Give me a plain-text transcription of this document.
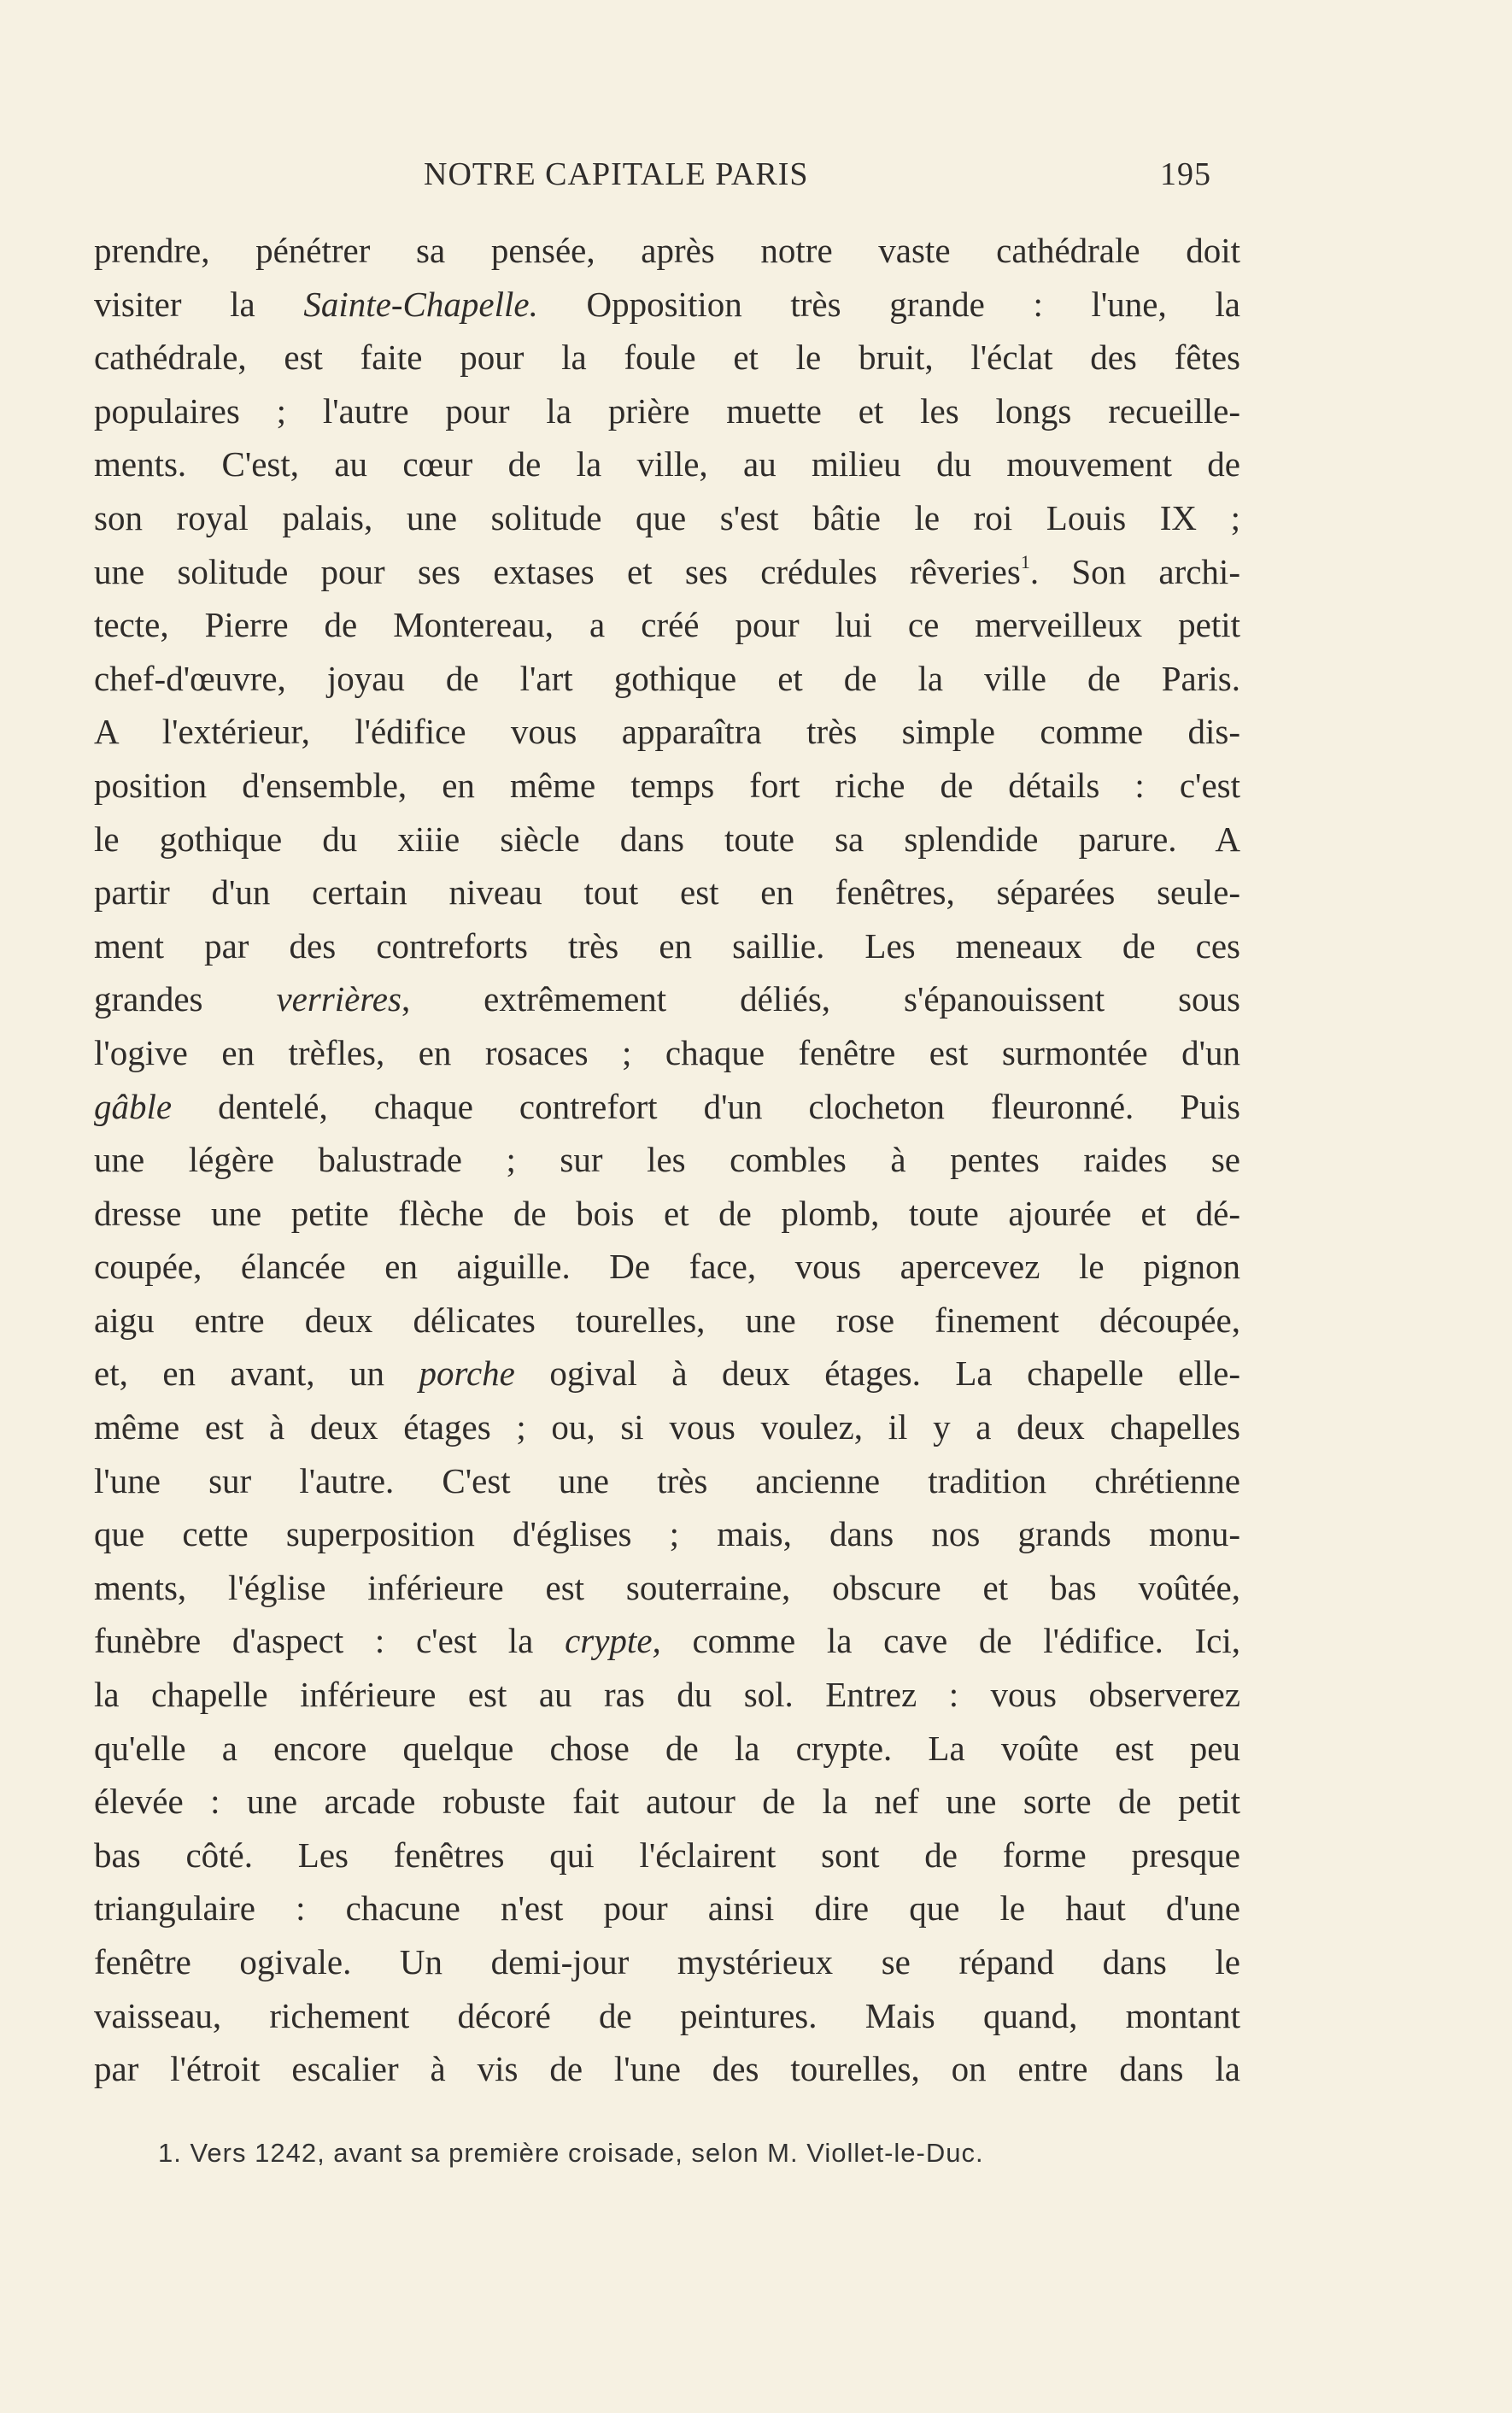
NOTRE CAPITALE PARIS	195
prendre, pénétrer sa pensée, après notre vaste cathédrale doit
visiter la Sainte-Chapelle. Opposition très grande : l'une, la
cathédrale, est faite pour la foule et le bruit, l'éclat des fêtes
populaires ; l'autre pour la prière muette et les longs recueille-
ments. C'est, au cœur de la ville, au milieu du mouvement de
son royal palais, une solitude que s'est bâtie le roi Louis IX ;
une solitude pour ses extases et ses crédules rêveries$^1$. Son archi-
tecte, Pierre de Montereau, a créé pour lui ce merveilleux petit
chef-d'œuvre, joyau de l'art gothique et de la ville de Paris.
A l'extérieur, l'édifice vous apparaîtra très simple comme dis-
position d'ensemble, en même temps fort riche de détails : c'est
le gothique du xiiie siècle dans toute sa splendide parure. A
partir d'un certain niveau tout est en fenêtres, séparées seule-
ment par des contreforts très en saillie. Les meneaux de ces
grandes verrières, extrêmement déliés, s'épanouissent sous
l'ogive en trèfles, en rosaces ; chaque fenêtre est surmontée d'un
gâble dentelé, chaque contrefort d'un clocheton fleuronné. Puis
une légère balustrade ; sur les combles à pentes raides se
dresse une petite flèche de bois et de plomb, toute ajourée et dé-
coupée, élancée en aiguille. De face, vous apercevez le pignon
aigu entre deux délicates tourelles, une rose finement découpée,
et, en avant, un porche ogival à deux étages. La chapelle elle-
même est à deux étages ; ou, si vous voulez, il y a deux chapelles
l'une sur l'autre. C'est une très ancienne tradition chrétienne
que cette superposition d'églises ; mais, dans nos grands monu-
ments, l'église inférieure est souterraine, obscure et bas voûtée,
funèbre d'aspect : c'est la crypte, comme la cave de l'édifice. Ici,
la chapelle inférieure est au ras du sol. Entrez : vous observerez
qu'elle a encore quelque chose de la crypte. La voûte est peu
élevée : une arcade robuste fait autour de la nef une sorte de petit
bas côté. Les fenêtres qui l'éclairent sont de forme presque
triangulaire : chacune n'est pour ainsi dire que le haut d'une
fenêtre ogivale. Un demi-jour mystérieux se répand dans le
vaisseau, richement décoré de peintures. Mais quand, montant
par l'étroit escalier à vis de l'une des tourelles, on entre dans la
1. Vers 1242, avant sa première croisade, selon M. Viollet-le-Duc.
